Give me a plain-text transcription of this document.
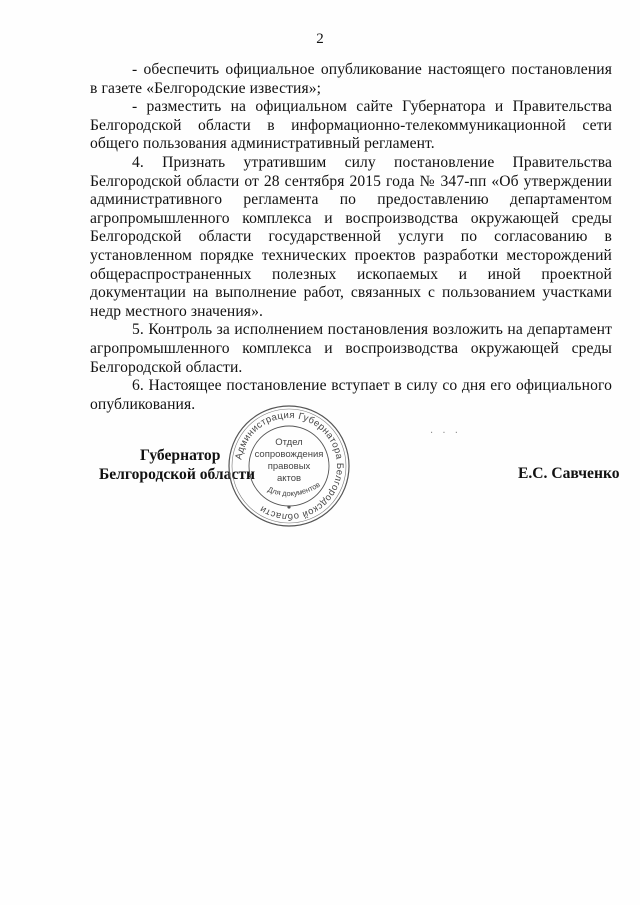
2

- обеспечить официальное опубликование настоящего постановления в газете «Белгородские известия»;

- разместить на официальном сайте Губернатора и Правительства Белгородской области в информационно-телекоммуникационной сети общего пользования административный регламент.

4. Признать утратившим силу постановление Правительства Белгородской области от 28 сентября 2015 года № 347-пп «Об утверждении административного регламента по предоставлению департаментом агропромышленного комплекса и воспроизводства окружающей среды Белгородской области государственной услуги по согласованию в установленном порядке технических проектов разработки месторождений общераспространенных полезных ископаемых и иной проектной документации на выполнение работ, связанных с пользованием участками недр местного значения».

5. Контроль за исполнением постановления возложить на департамент агропромышленного комплекса и воспроизводства окружающей среды Белгородской области.

6. Настоящее постановление вступает в силу со дня его официального опубликования.

Губернатор
Белгородской области
Администрация Губернатора Белгородской области
Отдел
сопровождения
правовых
актов
Для документов
Е.С. Савченко
· · ·
